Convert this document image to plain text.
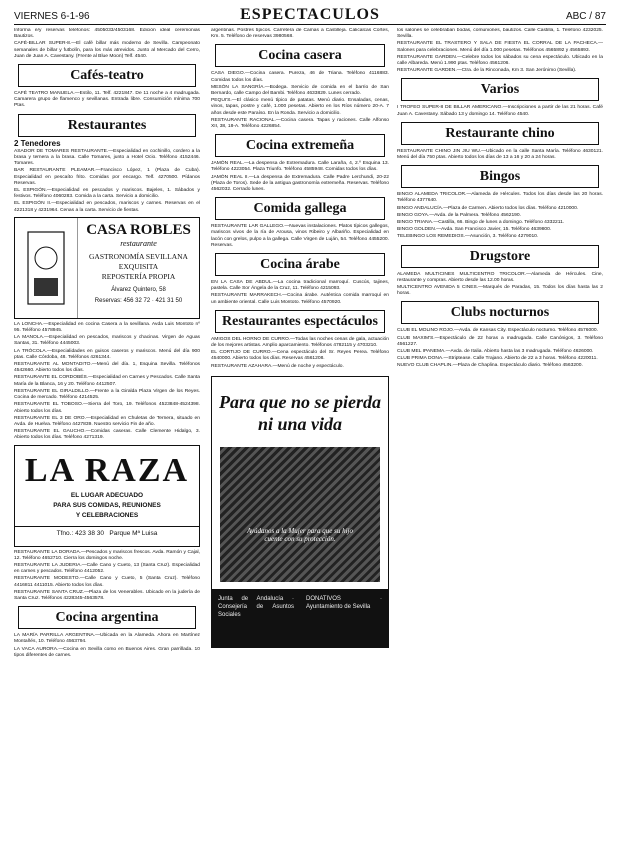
VIERNES 6-1-96	ESPECTACULOS	ABC / 87

Informa e/y reservas teléfonos: 4505033/4503168. Edición ideal ceremonias Bautizos.

CAFÉ-BILLAR SUPER-8.—El café billar más moderno de Sevilla. Campeonato semanales de billar y futbolín, para los más atrevidos. Junto al Mercado del Cerro, Juan de Juan A. Cavestany. (Frente al Blue Moon) Telf. 4540.

Cafés-teatro

CAFÉ TEATRO MANUELA.—Estilo, 11. Telf. 4221847. De 11 noche a 4 madrugada. Camarera grupo de flamenco y sevillanas. Entrada libre. Consumición mínima 700 Ptas.

Restaurantes
2 Tenedores

ASADOR DE TOMARES RESTAURANTE.—Especialidad en cochinillo, cordero a la brasa y ternera a la brasa. Calle Tomares, junto a Hotel Ocio. Teléfono 4152446. Tomares.

BAR RESTAURANTE PLEAMAR.—Francisco López, 1 (Plaza de Cuba). Especialidad en pescaíto frito. Comidas por encargo. Telf. 4270500. Pídanos Reservas.

EL ESPIGÓN.—Especialidad en pescados y mariscos. Bajeles, 1. Sábados y festivos. Teléfono 4060283. Comida a la carta. Servicio a domicilio.

EL ESPIGÓN II.—Especialidad en pescados, mariscos y carnes. Reservas en el 4221318 y 4231964. Cenas a la carta. Servicio de fiestas.

CASA ROBLES
restaurante
GASTRONOMÍA SEVILLANA
EXQUISITA
REPOSTERÍA PROPIA
Álvarez Quintero, 58
Reservas: 456 32 72 · 421 31 50

LA LONCHA.—Especialidad en cocina Casera a la sevillana. Avda Luis Montoto nº 95. Teléfono 4578945.

LA MANOLA.—Especialidad en pescados, mariscos y chacinas. Virgen de Aguas Santas, 31. Teléfono 4445003.

LA TRÓCOLA.—Especialidades en guisos caseros y mariscos. Menú del día 900 ptas. Calle Córdoba, 48. Teléfonos 4261344.

RESTAURANTE AL MONTADITO.—Menú del día. 1, Esquina Sevilla. Teléfonos 4542660. Abierto todos los días.

RESTAURANTE EL CORDOBÉS.—Especialidad en Carnes y Pescados. Calle Santa María de la Blanca, 16 y 20. Teléfono 4412507.

RESTAURANTE EL GIRALDILLO.—Frente a la Giralda Plaza Virgen de los Reyes. Cocina de mercado. Teléfono 4214525.

RESTAURANTE EL TOBOSO.—Sierra del Toro, 19. Teléfonos 4523848-4524398. Abierto todos los días.

RESTAURANTE EL 3 DE ORO.—Especialidad en Chuletas de Ternera, situado en Avda. de Huelva. Teléfono 4427839. Nuestro servicio Fin de año.

RESTAURANTE EL GAUCHO.—Comidas caseras. Calle Clemente Hidalgo, 3. Abierto todos los días. Teléfono 4271319.

LA RAZA
EL LUGAR ADECUADO
PARA SUS COMIDAS, REUNIONES
Y CELEBRACIONES
Tfno.: 423 38 30 Parque Mª Luisa

RESTAURANTE LA DORADA.—Pescados y mariscos frescos. Avda. Ramón y Cajal, 12. Teléfono 4652710. Cierra los domingos noche.

RESTAURANTE LA JUDERIA.—Calle Cano y Cueto, 13 (Santa Cruz). Especialidad en carnes y pescados. Teléfono 4412052.

RESTAURANTE MODESTO.—Calle Cano y Cueto, 5 (Santa Cruz). Teléfono 4416811 4411015. Abierto todos los días.

RESTAURANTE SANTA CRUZ.—Plaza de los Venerables. Ubicado en la judería de Santa Cruz. Teléfonos 4228345-4563578.

Cocina argentina

LA MARÍA PARRILLA ARGENTINA.—Ubicada en la Alameda. Ahora en Martínez Montañés, 10. Teléfono 4563794.

LA VACA AURORA.—Cocina en Sevilla como en Buenos Aires. Gran parrillada. 10 tipos diferentes de carnes.

argentinas. Postres típicos. Carretera de Camas a Castilleja. Calicalcas Cortes, Km. 5. Teléfono de reservas 3980568.

Cocina casera

CASA DIEGO.—Cocina casera. Pureza, 46 de Triana. Teléfono 4116883. Comidas todos los días.

MESÓN LA SANGRÍA.—Bodega. Servicio de comida en el barrio de San Bernardo, calle Campo del Bambi. Teléfono 4633829. Lunes cerrado.

PEQUI'S.—El clásico menú típico de patatas. Menú diario. Ensaladas, cenas, vinos, tapas, postre y café, 1.000 pesetas. Abierto en los Ríos número 20-A. 7 años desde este Paraíso. En la Ronda. Servicio a domicilio.

RESTAURANTE RACIONAL.—Cocina casera. Tapas y raciones. Calle Alfonso XII, 38, 18-A. Teléfono 4226854.

Cocina extremeña

JAMÓN REAL.—La despensa de Extremadura. Calle Laraña, 4, 2.º Esquina 13. Teléfono 4223054. Plaza Triunfo. Teléfono 4585948. Comidas todos los días.

JAMÓN REAL II.—La despensa de Extremadura. Calle Padre Lerchundi, 20-22 (Plaza de Toros). Sede de la antigua gastronomía extremeña. Reservas. Teléfono 4562032. Cerrado lunes.

Comida gallega

RESTAURANTE LAR GALLEGO.—Nuevas instalaciones. Platos típicos gallegos, mariscos vivos de la ría de Arousa, vinos Ribeiro y Albariño. Especialidad en lacón con grelos, pulpo a la gallega. Calle Virgen de Luján, 54. Teléfono 4455200. Reservas.

Cocina árabe

EN LA CASA DE ABDUL.—La cocina tradicional marroquí. Cuscús, tajines, pastela. Calle Sor Ángela de la Cruz, 11. Teléfono 4215093.

RESTAURANTE MARRAKECH.—Cocina árabe. Auténtica comida marroquí en un ambiente oriental. Calle Luis Montoto. Teléfono 4570920.

Restaurantes espectáculos

AMIGOS DEL HORNO DE CURRO.—Todas las noches cenas de gala, actuación de los mejores artistas. Amplio aparcamiento. Teléfonos 4782115 y 4703210.

EL CORTIJO DE CURRO.—Cena espectáculo del Sr. Reyes Perea. Teléfono 4540000. Abierto todos los días. Reservas 4561208.

RESTAURANTE AZAHARA.—Menú de noche y espectáculo.

Para que no se pierda
ni una vida
Ayúdanos a la Mujer para que su hijo cuente con su protección.
Junta de Andalucía · Consejería de Asuntos Sociales
DONATIVOS · Ayuntamiento de Sevilla

los salones se celebraban bodas, comuniones, bautizos. Calle Castilla, 1. Teléfono 4232025. Sevilla.

RESTAURANTE EL TRASTERO Y SALA DE FIESTA EL CORRAL DE LA PACHECA.—Salones para celebraciones. Menú del día 1.000 pesetas. Teléfonos 4565892 y 4565893.

RESTAURANTE GARDEN.—Celebre todos los sábados su cena espectáculo. Ubicado en la calle Albareda. Menú 1.990 ptas. Teléfono 4561206.

RESTAURANTE GARDEN.—Ctra. de la Rinconada, Km 3. San Jerónimo (Sevilla).

Varios

I TROFEO SUPER-8 DE BILLAR AMERICANO.—Inscripciones a partir de las 21 horas. Café Juan A. Cavestany. Sábado 13 y domingo 14. Teléfono 4540.

Restaurante chino

RESTAURANTE CHINO JIN JIU WU.—Ubicado en la calle Santa María. Teléfono 4630121. Menú del día 750 ptas. Abierto todos los días de 13 a 16 y 20 a 24 horas.

Bingos

BINGO ALAMEDA TRICOLOR.—Alameda de Hércules. Todos los días desde las 20 horas. Teléfono 4377640.

BINGO ANDALUCÍA.—Plaza de Carmen. Abierto todos los días. Teléfono 4210000.

BINGO GOYA.—Avda. de la Palmera. Teléfono 4562190.

BINGO TRIANA.—Castilla, 66. Bingo de lunes a domingo. Teléfono 4332211.

BINGO GOLDEN.—Avda. San Francisco Javier, 15. Teléfono 4639800.

TELEBINGO LOS REMEDIOS.—Asunción, 3. Teléfono 4279010.

Drugstore

ALAMEDA MULTICINES MULTICENTRO TRICOLOR.—Alameda de Hércules. Cine, restaurante y compras. Abierto desde las 12.00 horas.

MULTICENTRO AVENIDA 5 CINES.—Marqués de Paradas, 15. Todos los días hasta las 2 horas.

Clubs nocturnos

CLUB EL MOLINO ROJO.—Avda. de Kansas City. Espectáculo nocturno. Teléfono 4576000.

CLUB MAXIM'S.—Espectáculo de 22 horas a madrugada. Calle Canónigos, 3. Teléfono 4561227.

CLUB MEL IPANEMA.—Avda. de Italia. Abierto hasta las 3 madrugada. Teléfono 4626000.

CLUB PRIMA DONA.—Striptease. Calle Trajano. Abierto de 22 a 3 horas. Teléfono 4220011.

NUEVO CLUB CHAPLIN.—Plaza de Chaplina. Espectáculo diario. Teléfono 4563200.
